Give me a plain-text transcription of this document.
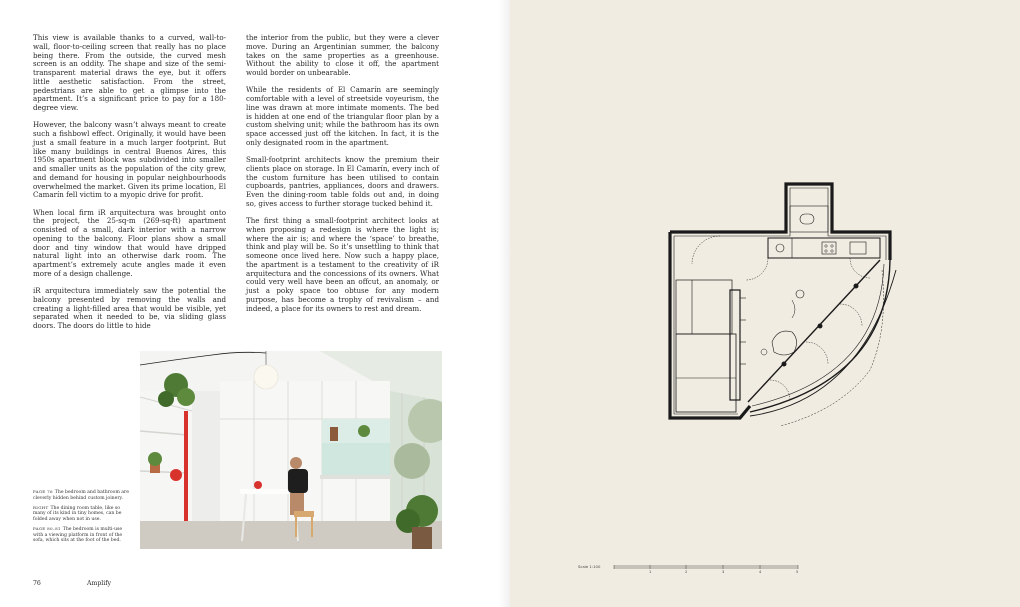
This view is available thanks to a curved, wall-to-wall, floor-to-ceiling screen that really has no place being there. From the outside, the curved mesh screen is an oddity. The shape and size of the semi-transparent material draws the eye, but it offers little aesthetic satisfaction. From the street, pedestrians are able to get a glimpse into the apartment. It’s a significant price to pay for a 180-degree view.

However, the balcony wasn’t always meant to create such a fishbowl effect. Originally, it would have been just a small feature in a much larger footprint. But like many buildings in central Buenos Aires, this 1950s apartment block was subdivided into smaller and smaller units as the population of the city grew, and demand for housing in popular neighbourhoods overwhelmed the market. Given its prime location, El Camarín fell victim to a myopic drive for profit.

When local firm iR arquitectura was brought onto the project, the 25-sq-m (269-sq-ft) apartment consisted of a small, dark interior with a narrow opening to the balcony. Floor plans show a small door and tiny window that would have dripped natural light into an otherwise dark room. The apartment’s extremely acute angles made it even more of a design challenge.

iR arquitectura immediately saw the potential the balcony presented by removing the walls and creating a light-filled area that would be visible, yet separated when it needed to be, via sliding glass doors. The doors do little to hide

the interior from the public, but they were a clever move. During an Argentinian summer, the balcony takes on the same properties as a greenhouse. Without the ability to close it off, the apartment would border on unbearable.

While the residents of El Camarín are seemingly comfortable with a level of streetside voyeurism, the line was drawn at more intimate moments. The bed is hidden at one end of the triangular floor plan by a custom shelving unit; while the bathroom has its own space accessed just off the kitchen. In fact, it is the only designated room in the apartment.

Small-footprint architects know the premium their clients place on storage. In El Camarín, every inch of the custom furniture has been utilised to contain cupboards, pantries, appliances, doors and drawers. Even the dining-room table folds out and, in doing so, gives access to further storage tucked behind it.

The first thing a small-footprint architect looks at when proposing a redesign is where the light is; where the air is; and where the ‘space’ to breathe, think and play will be. So it’s unsettling to think that someone once lived here. Now such a happy place, the apartment is a testament to the creativity of iR arquitectura and the concessions of its owners. What could very well have been an offcut, an anomaly, or just a poky space too obtuse for any modern purpose, has become a trophy of revivalism – and indeed, a place for its owners to rest and dream.

PAGE 76 The bedroom and bathroom are cleverly hidden behind custom joinery.

RIGHT The dining room table, like so many of its kind in tiny homes, can be folded away when not in use.

PAGE 80–81 The bedroom is multi-use with a viewing platform in front of the sofa, which sits at the foot of the bed.

76	Amplify
Scale 1:100
1	2	3	4	5
